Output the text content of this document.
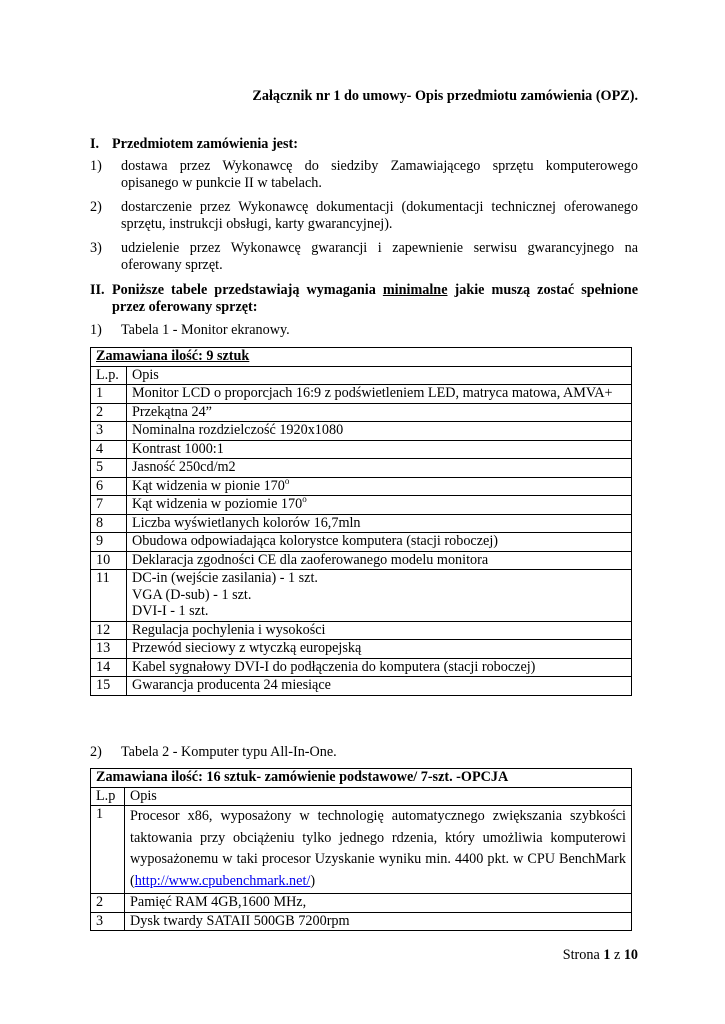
Załącznik nr 1 do umowy- Opis przedmiotu zamówienia (OPZ).
I. Przedmiotem zamówienia jest:
1) dostawa przez Wykonawcę do siedziby Zamawiającego sprzętu komputerowego opisanego w punkcie II w tabelach.
2) dostarczenie przez Wykonawcę dokumentacji (dokumentacji technicznej oferowanego sprzętu, instrukcji obsługi, karty gwarancyjnej).
3) udzielenie przez Wykonawcę gwarancji i zapewnienie serwisu gwarancyjnego na oferowany sprzęt.
II. Poniższe tabele przedstawiają wymagania minimalne jakie muszą zostać spełnione przez oferowany sprzęt:
1) Tabela 1 - Monitor ekranowy.
Zamawiana ilość: 9 sztuk	
L.p.	Opis
1	Monitor LCD o proporcjach 16:9 z podświetleniem LED, matryca matowa, AMVA+
2	Przekątna 24”
3	Nominalna rozdzielczość 1920x1080
4	Kontrast 1000:1
5	Jasność 250cd/m2
6	Kąt widzenia w pionie 170$^o$
7	Kąt widzenia w poziomie 170$^o$
8	Liczba wyświetlanych kolorów 16,7mln
9	Obudowa odpowiadająca kolorystce komputera (stacji roboczej)
10	Deklaracja zgodności CE dla zaoferowanego modelu monitora
11	DC-in (wejście zasilania) - 1 szt.
VGA (D-sub) - 1 szt.
DVI-I - 1 szt.

12	Regulacja pochylenia i wysokości
13	Przewód sieciowy z wtyczką europejską
14	Kabel sygnałowy DVI-I do podłączenia do komputera (stacji roboczej)
15	Gwarancja producenta 24 miesiące
2) Tabela 2 - Komputer typu All-In-One.
Zamawiana ilość: 16 sztuk- zamówienie podstawowe/ 7-szt. -OPCJA	
L.p	Opis
1	Procesor x86, wyposażony w technologię automatycznego zwiększania szybkości taktowania przy obciążeniu tylko jednego rdzenia, który umożliwia komputerowi wyposażonemu w taki procesor Uzyskanie wyniku min. 4400 pkt. w CPU BenchMark (http://www.cpubenchmark.net/)
2	Pamięć RAM 4GB,1600 MHz,
3	Dysk twardy SATAII 500GB 7200rpm
Strona 1 z 10
